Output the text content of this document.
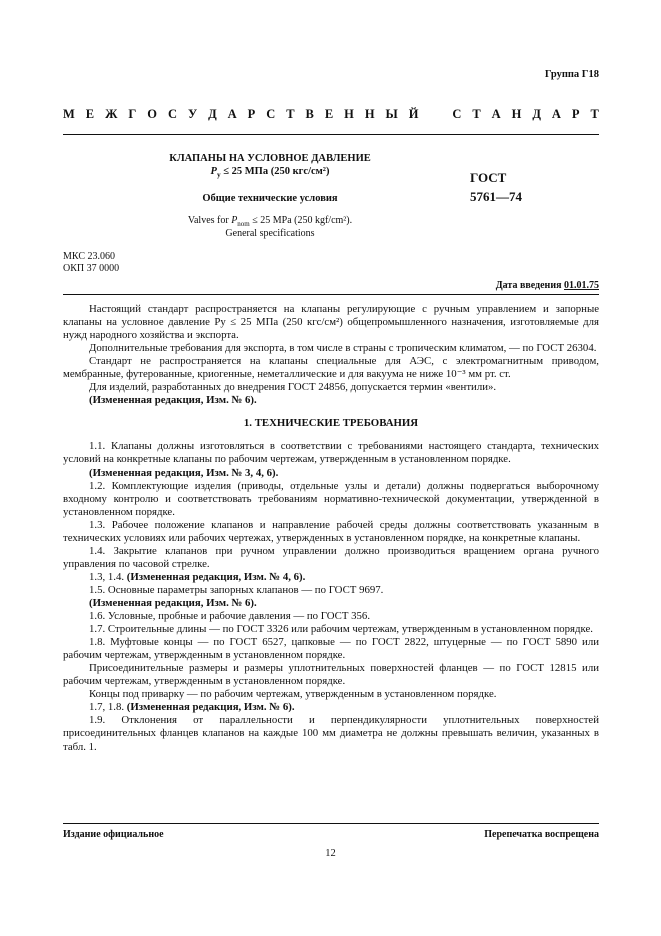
Группа Г18
М Е Ж Г О С У Д А Р С Т В Е Н Н Ы Й	С Т А Н Д А Р Т
КЛАПАНЫ НА УСЛОВНОЕ ДАВЛЕНИЕ
$P_у \le 25$ МПа (250 кгс/см²)
Общие технические условия
Valves for $P_{nom} \le 25$ MPa (250 kgf/cm²).
General specifications
ГОСТ
5761—74
МКС 23.060
ОКП 37 0000
Дата введения 01.01.75

Настоящий стандарт распространяется на клапаны регулирующие с ручным управлением и запорные клапаны на условное давление Pу ≤ 25 МПа (250 кгс/см²) общепромышленного назначения, изготовляемые для нужд народного хозяйства и экспорта.

Дополнительные требования для экспорта, в том числе в страны с тропическим климатом, — по ГОСТ 26304.

Стандарт не распространяется на клапаны специальные для АЭС, с электромагнитным приводом, мембранные, футерованные, криогенные, неметаллические и для вакуума не ниже 10⁻³ мм рт. ст.

Для изделий, разработанных до внедрения ГОСТ 24856, допускается термин «вентили».

(Измененная редакция, Изм. № 6).

1. ТЕХНИЧЕСКИЕ ТРЕБОВАНИЯ

1.1. Клапаны должны изготовляться в соответствии с требованиями настоящего стандарта, технических условий на конкретные клапаны по рабочим чертежам, утвержденным в установленном порядке.

(Измененная редакция, Изм. № 3, 4, 6).

1.2. Комплектующие изделия (приводы, отдельные узлы и детали) должны подвергаться выборочному входному контролю и соответствовать требованиям нормативно-технической документации, утвержденной в установленном порядке.

1.3. Рабочее положение клапанов и направление рабочей среды должны соответствовать указанным в технических условиях или рабочих чертежах, утвержденных в установленном порядке, на конкретные клапаны.

1.4. Закрытие клапанов при ручном управлении должно производиться вращением органа ручного управления по часовой стрелке.

1.3, 1.4. (Измененная редакция, Изм. № 4, 6).

1.5. Основные параметры запорных клапанов — по ГОСТ 9697.

(Измененная редакция, Изм. № 6).

1.6. Условные, пробные и рабочие давления — по ГОСТ 356.

1.7. Строительные длины — по ГОСТ 3326 или рабочим чертежам, утвержденным в установленном порядке.

1.8. Муфтовые концы — по ГОСТ 6527, цапковые — по ГОСТ 2822, штуцерные — по ГОСТ 5890 или рабочим чертежам, утвержденным в установленном порядке.

Присоединительные размеры и размеры уплотнительных поверхностей фланцев — по ГОСТ 12815 или рабочим чертежам, утвержденным в установленном порядке.

Концы под приварку — по рабочим чертежам, утвержденным в установленном порядке.

1.7, 1.8. (Измененная редакция, Изм. № 6).

1.9. Отклонения от параллельности и перпендикулярности уплотнительных поверхностей присоединительных фланцев клапанов на каждые 100 мм диаметра не должны превышать величин, указанных в табл. 1.

Издание официальное	Перепечатка воспрещена
12
